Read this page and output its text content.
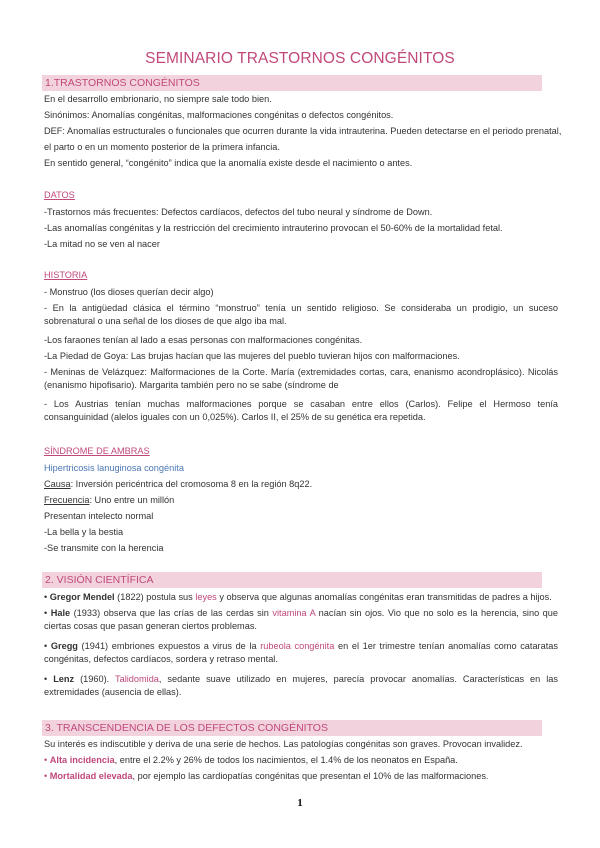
SEMINARIO TRASTORNOS CONGÉNITOS
1.TRASTORNOS CONGÉNITOS
En el desarrollo embrionario, no siempre sale todo bien.
Sinónimos: Anomalías congénitas, malformaciones congénitas o defectos congénitos.
DEF: Anomalías estructurales o funcionales que ocurren durante la vida intrauterina. Pueden detectarse en el periodo prenatal,
el parto o en un momento posterior de la primera infancia.
En sentido general, “congénito” indica que la anomalía existe desde el nacimiento o antes.
DATOS
-Trastornos más frecuentes: Defectos cardíacos, defectos del tubo neural y síndrome de Down.
-Las anomalías congénitas y la restricción del crecimiento intrauterino provocan el 50-60% de la mortalidad fetal.
-La mitad no se ven al nacer
HISTORIA
- Monstruo (los dioses querían decir algo)
- En la antigüedad clásica el término “monstruo” tenía un sentido religioso. Se consideraba un prodigio, un suceso sobrenatural o una señal de los dioses de que algo iba mal.
-Los faraones tenían al lado a esas personas con malformaciones congénitas.
-La Piedad de Goya: Las brujas hacían que las mujeres del pueblo tuvieran hijos con malformaciones.
- Meninas de Velázquez: Malformaciones de la Corte. María (extremidades cortas, cara, enanismo acondroplásico). Nicolás (enanismo hipofisario). Margarita también pero no se sabe (síndrome de
- Los Austrias tenían muchas malformaciones porque se casaban entre ellos (Carlos). Felipe el Hermoso tenía consanguinidad (alelos iguales con un 0,025%). Carlos II, el 25% de su genética era repetida.
SÍNDROME DE AMBRAS
Hipertricosis lanuginosa congénita
Causa: Inversión pericéntrica del cromosoma 8 en la región 8q22.
Frecuencia: Uno entre un millón
Presentan intelecto normal
-La bella y la bestia
-Se transmite con la herencia
2. VISIÓN CIENTÍFICA
• Gregor Mendel (1822) postula sus leyes y observa que algunas anomalías congénitas eran transmitidas de padres a hijos.
• Hale (1933) observa que las crías de las cerdas sin vitamina A nacían sin ojos. Vio que no solo es la herencia, sino que ciertas cosas que pasan generan ciertos problemas.
• Gregg (1941) embriones expuestos a virus de la rubeola congénita en el 1er trimestre tenían anomalías como cataratas congénitas, defectos cardíacos, sordera y retraso mental.
• Lenz (1960). Talidomida, sedante suave utilizado en mujeres, parecía provocar anomalías. Características en las extremidades (ausencia de ellas).
3. TRANSCENDENCIA DE LOS DEFECTOS CONGÉNITOS
Su interés es indiscutible y deriva de una serie de hechos. Las patologías congénitas son graves. Provocan invalidez.
• Alta incidencia, entre el 2.2% y 26% de todos los nacimientos, el 1.4% de los neonatos en España.
• Mortalidad elevada, por ejemplo las cardiopatías congénitas que presentan el 10% de las malformaciones.
1
